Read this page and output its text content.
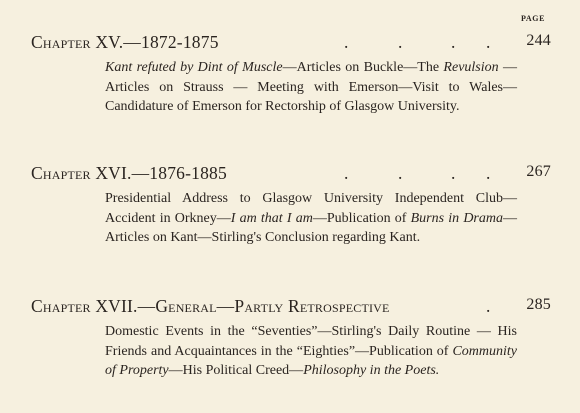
PAGE
Chapter XV.—1872-1875	.	.	. . 244
Kant refuted by Dint of Muscle—Articles on Buckle—The Revulsion — Articles on Strauss — Meeting with Emerson—Visit to Wales—Candidature of Emerson for Rectorship of Glasgow University.
Chapter XVI.—1876-1885	.	.	. . 267
Presidential Address to Glasgow University Independent Club—Accident in Orkney—I am that I am—Publication of Burns in Drama—Articles on Kant—Stirling's Conclusion regarding Kant.
Chapter XVII.—General—Partly Retrospective	. 285
Domestic Events in the “Seventies”—Stirling's Daily Routine — His Friends and Acquaintances in the “Eighties”—Publication of Community of Property—His Political Creed—Philosophy in the Poets.
